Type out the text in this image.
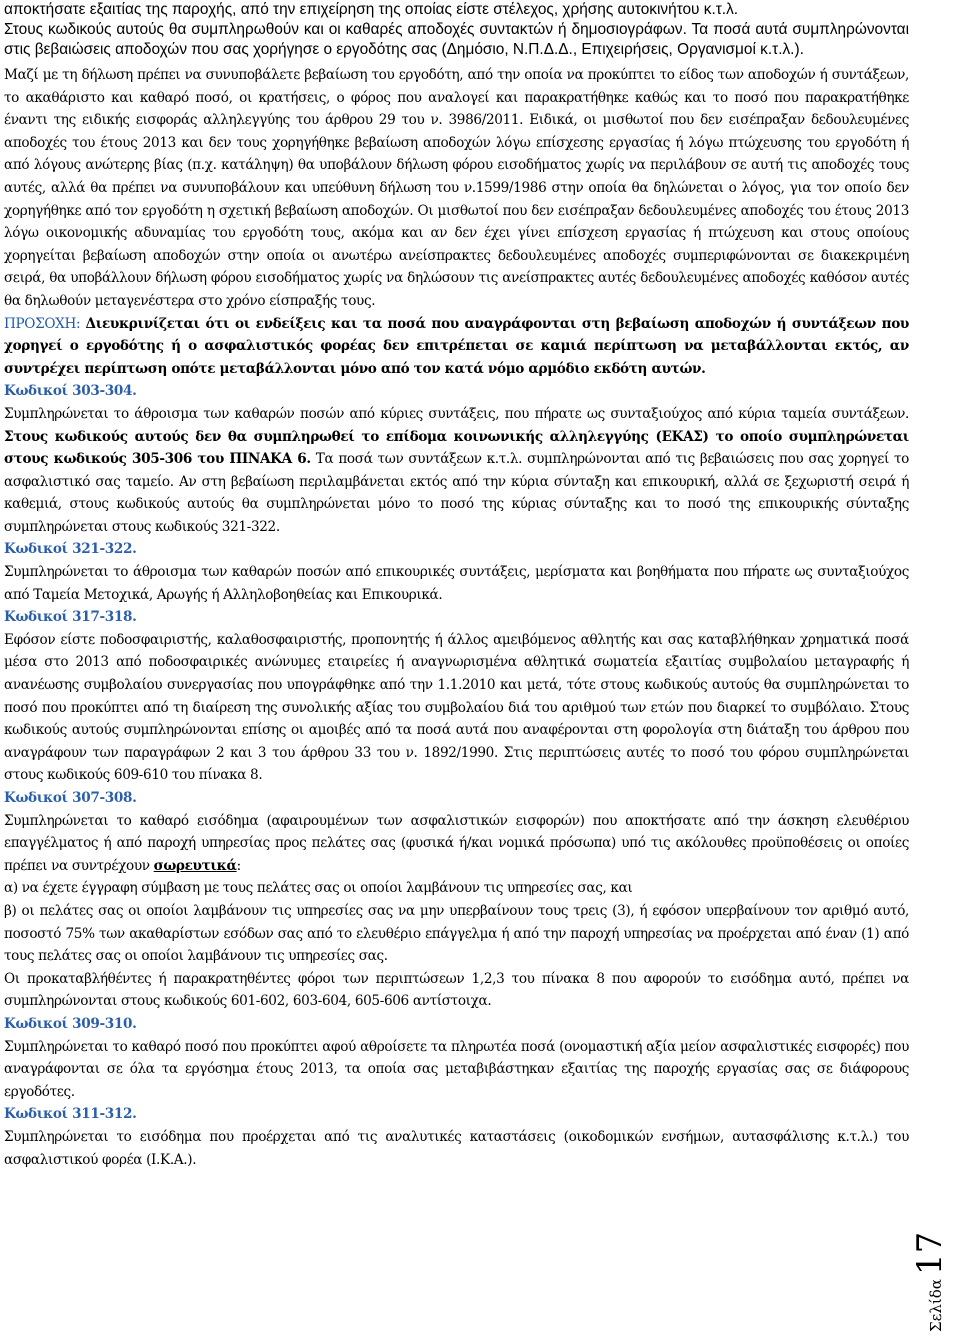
αποκτήσατε εξαιτίας της παροχής, από την επιχείρηση της οποίας είστε στέλεχος, χρήσης αυτοκινήτου κ.τ.λ.

Στους κωδικούς αυτούς θα συμπληρωθούν και οι καθαρές αποδοχές συντακτών ή δημοσιογράφων. Τα ποσά αυτά συμπληρώνονται στις βεβαιώσεις αποδοχών που σας χορήγησε ο εργοδότης σας (Δημόσιο, Ν.Π.Δ.Δ., Επιχειρήσεις, Οργανισμοί κ.τ.λ.).

Μαζί με τη δήλωση πρέπει να συνυποβάλετε βεβαίωση του εργοδότη, από την οποία να προκύπτει το είδος των αποδοχών ή συντάξεων, το ακαθάριστο και καθαρό ποσό, οι κρατήσεις, ο φόρος που αναλογεί και παρακρατήθηκε καθώς και το ποσό που παρακρατήθηκε έναντι της ειδικής εισφοράς αλληλεγγύης του άρθρου 29 του ν. 3986/2011. Ειδικά, οι μισθωτοί που δεν εισέπραξαν δεδουλευμένες αποδοχές του έτους 2013 και δεν τους χορηγήθηκε βεβαίωση αποδοχών λόγω επίσχεσης εργασίας ή λόγω πτώχευσης του εργοδότη ή από λόγους ανώτερης βίας (π.χ. κατάληψη) θα υποβάλουν δήλωση φόρου εισοδήματος χωρίς να περιλάβουν σε αυτή τις αποδοχές τους αυτές, αλλά θα πρέπει να συνυποβάλουν και υπεύθυνη δήλωση του ν.1599/1986 στην οποία θα δηλώνεται ο λόγος, για τον οποίο δεν χορηγήθηκε από τον εργοδότη η σχετική βεβαίωση αποδοχών. Οι μισθωτοί που δεν εισέπραξαν δεδουλευμένες αποδοχές του έτους 2013 λόγω οικονομικής αδυναμίας του εργοδότη τους, ακόμα και αν δεν έχει γίνει επίσχεση εργασίας ή πτώχευση και στους οποίους χορηγείται βεβαίωση αποδοχών στην οποία οι ανωτέρω ανείσπρακτες δεδουλευμένες αποδοχές συμπεριφώνονται σε διακεκριμένη σειρά, θα υποβάλλουν δήλωση φόρου εισοδήματος χωρίς να δηλώσουν τις ανείσπρακτες αυτές δεδουλευμένες αποδοχές καθόσον αυτές θα δηλωθούν μεταγενέστερα στο χρόνο είσπραξής τους.

ΠΡΟΣΟΧΗ: Διευκρινίζεται ότι οι ενδείξεις και τα ποσά που αναγράφονται στη βεβαίωση αποδοχών ή συντάξεων που χορηγεί ο εργοδότης ή ο ασφαλιστικός φορέας δεν επιτρέπεται σε καμιά περίπτωση να μεταβάλλονται εκτός, αν συντρέχει περίπτωση οπότε μεταβάλλονται μόνο από τον κατά νόμο αρμόδιο εκδότη αυτών.

Κωδικοί 303-304.

Συμπληρώνεται το άθροισμα των καθαρών ποσών από κύριες συντάξεις, που πήρατε ως συνταξιούχος από κύρια ταμεία συντάξεων. Στους κωδικούς αυτούς δεν θα συμπληρωθεί το επίδομα κοινωνικής αλληλεγγύης (ΕΚΑΣ) το οποίο συμπληρώνεται στους κωδικούς 305-306 του ΠΙΝΑΚΑ 6. Τα ποσά των συντάξεων κ.τ.λ. συμπληρώνονται από τις βεβαιώσεις που σας χορηγεί το ασφαλιστικό σας ταμείο. Αν στη βεβαίωση περιλαμβάνεται εκτός από την κύρια σύνταξη και επικουρική, αλλά σε ξεχωριστή σειρά ή καθεμιά, στους κωδικούς αυτούς θα συμπληρώνεται μόνο το ποσό της κύριας σύνταξης και το ποσό της επικουρικής σύνταξης συμπληρώνεται στους κωδικούς 321-322.

Κωδικοί 321-322.

Συμπληρώνεται το άθροισμα των καθαρών ποσών από επικουρικές συντάξεις, μερίσματα και βοηθήματα που πήρατε ως συνταξιούχος από Ταμεία Μετοχικά, Αρωγής ή Αλληλοβοηθείας και Επικουρικά.

Κωδικοί 317-318.

Εφόσον είστε ποδοσφαιριστής, καλαθοσφαιριστής, προπονητής ή άλλος αμειβόμενος αθλητής και σας καταβλήθηκαν χρηματικά ποσά μέσα στο 2013 από ποδοσφαιρικές ανώνυμες εταιρείες ή αναγνωρισμένα αθλητικά σωματεία εξαιτίας συμβολαίου μεταγραφής ή ανανέωσης συμβολαίου συνεργασίας που υπογράφθηκε από την 1.1.2010 και μετά, τότε στους κωδικούς αυτούς θα συμπληρώνεται το ποσό που προκύπτει από τη διαίρεση της συνολικής αξίας του συμβολαίου διά του αριθμού των ετών που διαρκεί το συμβόλαιο. Στους κωδικούς αυτούς συμπληρώνονται επίσης οι αμοιβές από τα ποσά αυτά που αναφέρονται στη φορολογία στη διάταξη του άρθρου που αναγράφουν των παραγράφων 2 και 3 του άρθρου 33 του ν. 1892/1990. Στις περιπτώσεις αυτές το ποσό του φόρου συμπληρώνεται στους κωδικούς 609-610 του πίνακα 8.

Κωδικοί 307-308.

Συμπληρώνεται το καθαρό εισόδημα (αφαιρουμένων των ασφαλιστικών εισφορών) που αποκτήσατε από την άσκηση ελευθέριου επαγγέλματος ή από παροχή υπηρεσίας προς πελάτες σας (φυσικά ή/και νομικά πρόσωπα) υπό τις ακόλουθες προϋποθέσεις οι οποίες πρέπει να συντρέχουν σωρευτικά:

α) να έχετε έγγραφη σύμβαση με τους πελάτες σας οι οποίοι λαμβάνουν τις υπηρεσίες σας, και

β) οι πελάτες σας οι οποίοι λαμβάνουν τις υπηρεσίες σας να μην υπερβαίνουν τους τρεις (3), ή εφόσον υπερβαίνουν τον αριθμό αυτό, ποσοστό 75% των ακαθαρίστων εσόδων σας από το ελευθέριο επάγγελμα ή από την παροχή υπηρεσίας να προέρχεται από έναν (1) από τους πελάτες σας οι οποίοι λαμβάνουν τις υπηρεσίες σας.

Οι προκαταβλήθέντες ή παρακρατηθέντες φόροι των περιπτώσεων 1,2,3 του πίνακα 8 που αφορούν το εισόδημα αυτό, πρέπει να συμπληρώνονται στους κωδικούς 601-602, 603-604, 605-606 αντίστοιχα.

Κωδικοί 309-310.

Συμπληρώνεται το καθαρό ποσό που προκύπτει αφού αθροίσετε τα πληρωτέα ποσά (ονομαστική αξία μείον ασφαλιστικές εισφορές) που αναγράφονται σε όλα τα εργόσημα έτους 2013, τα οποία σας μεταβιβάστηκαν εξαιτίας της παροχής εργασίας σας σε διάφορους εργοδότες.

Κωδικοί 311-312.

Συμπληρώνεται το εισόδημα που προέρχεται από τις αναλυτικές καταστάσεις (οικοδομικών ενσήμων, αυτασφάλισης κ.τ.λ.) του ασφαλιστικού φορέα (Ι.Κ.Α.).

Σελίδα17
